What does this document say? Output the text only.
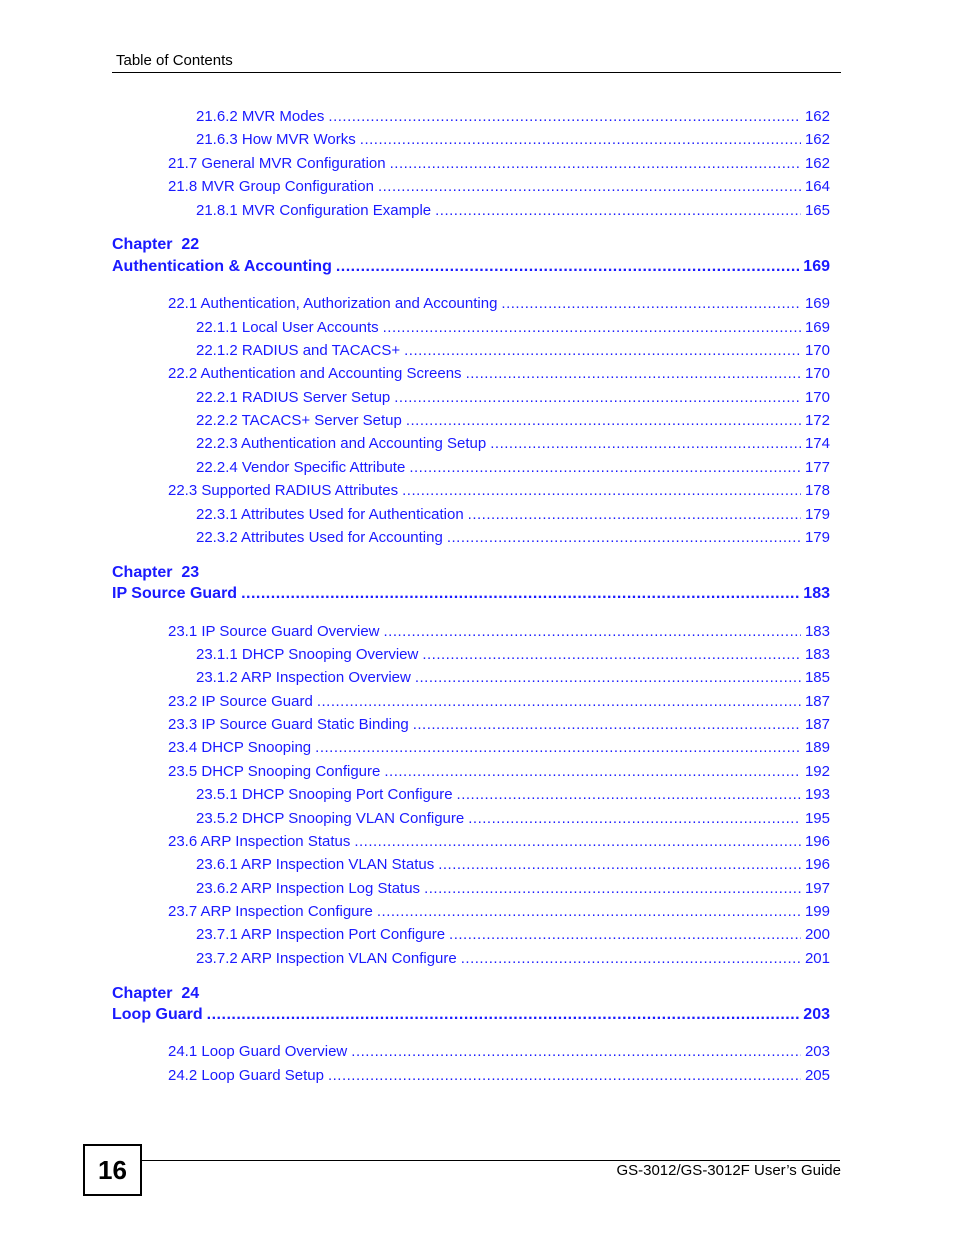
Table of Contents
21.6.2 MVR Modes .....	162
21.6.3 How MVR Works .....	162
21.7 General MVR Configuration .....	162
21.8 MVR Group Configuration .....	164
21.8.1 MVR Configuration Example .....	165
Chapter  22
Authentication & Accounting .....	169
22.1 Authentication, Authorization and Accounting .....	169
22.1.1 Local User Accounts .....	169
22.1.2 RADIUS and TACACS+ .....	170
22.2 Authentication and Accounting Screens .....	170
22.2.1 RADIUS Server Setup .....	170
22.2.2 TACACS+ Server Setup .....	172
22.2.3 Authentication and Accounting Setup .....	174
22.2.4 Vendor Specific Attribute .....	177
22.3 Supported RADIUS Attributes .....	178
22.3.1 Attributes Used for Authentication .....	179
22.3.2 Attributes Used for Accounting .....	179
Chapter  23
IP Source Guard .....	183
23.1 IP Source Guard Overview .....	183
23.1.1 DHCP Snooping Overview .....	183
23.1.2 ARP Inspection Overview .....	185
23.2 IP Source Guard .....	187
23.3 IP Source Guard Static Binding .....	187
23.4 DHCP Snooping .....	189
23.5 DHCP Snooping Configure .....	192
23.5.1 DHCP Snooping Port Configure .....	193
23.5.2 DHCP Snooping VLAN Configure .....	195
23.6 ARP Inspection Status .....	196
23.6.1 ARP Inspection VLAN Status .....	196
23.6.2 ARP Inspection Log Status .....	197
23.7 ARP Inspection Configure .....	199
23.7.1 ARP Inspection Port Configure .....	200
23.7.2 ARP Inspection VLAN Configure .....	201
Chapter  24
Loop Guard .....	203
24.1 Loop Guard Overview .....	203
24.2 Loop Guard Setup .....	205
16	GS-3012/GS-3012F User’s Guide
